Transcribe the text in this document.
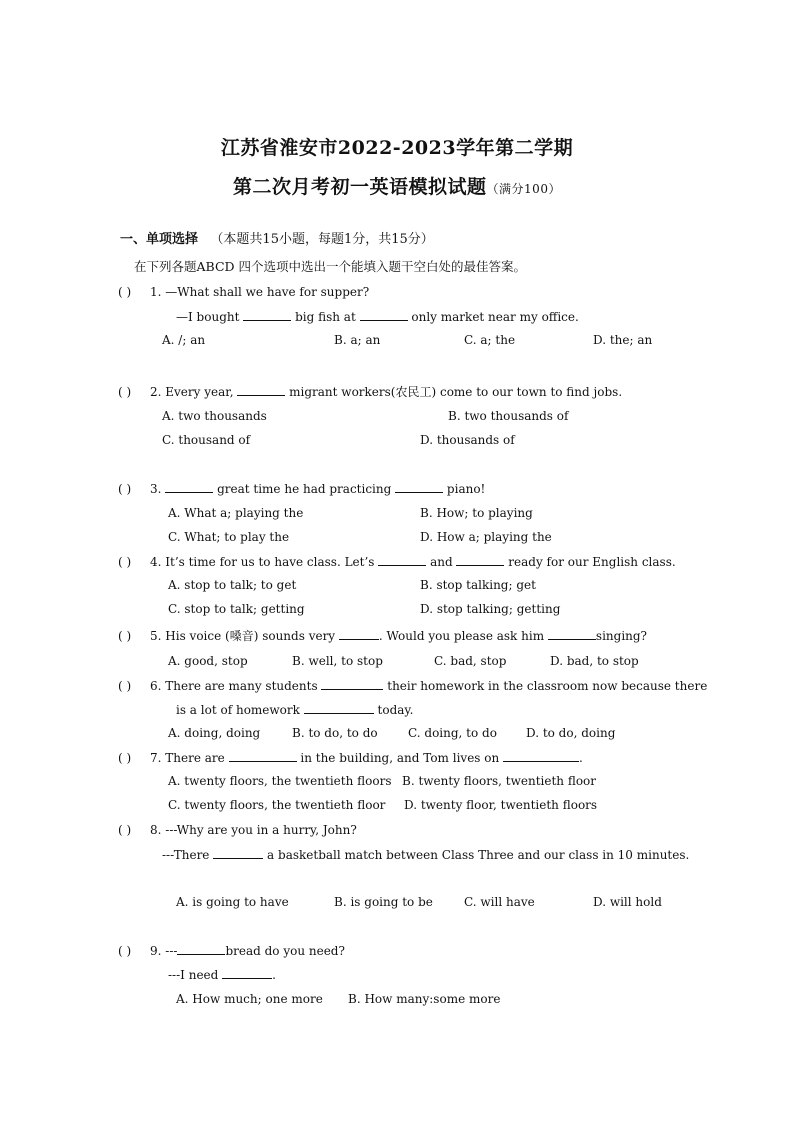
江苏省淮安市2022-2023学年第二学期
第二次月考初一英语模拟试题（满分100）
一、单项选择 （本题共15小题，每题1分，共15分）
在下列各题ABCD 四个选项中选出一个能填入题干空白处的最佳答案。
( ) 1. —What shall we have for supper?
—I bought	big fish at	only market near my office.
A. /; an	B. a; an	C. a; the	D. the; an
( ) 2. Every year,	migrant workers(农民工) come to our town to find jobs.
A. two thousands	B. two thousands of
C. thousand of	D. thousands of
( ) 3.	great time he had practicing	piano!
A. What a; playing the	B. How; to playing
C. What; to play the	D. How a; playing the
( ) 4. It’s time for us to have class. Let’s	and	ready for our English class.
A. stop to talk; to get	B. stop talking; get
C. stop to talk; getting	D. stop talking; getting
( ) 5. His voice (嗓音) sounds very	. Would you please ask him	singing?
A. good, stop	B. well, to stop	C. bad, stop	D. bad, to stop
( ) 6. There are many students	their homework in the classroom now because there
is a lot of homework	today.
A. doing, doing	B. to do, to do	C. doing, to do D. to do, doing
( ) 7. There are	in the building, and Tom lives on	.
A. twenty floors, the twentieth floors B. twenty floors, twentieth floor
C. twenty floors, the twentieth floor D. twenty floor, twentieth floors
( ) 8. ---Why are you in a hurry, John?
---There	a basketball match between Class Three and our class in 10 minutes.
A. is going to have	B. is going to be	C. will have	D. will hold
( ) 9. ---	bread do you need?
---I need	.
A. How much; one more B. How many:some more
